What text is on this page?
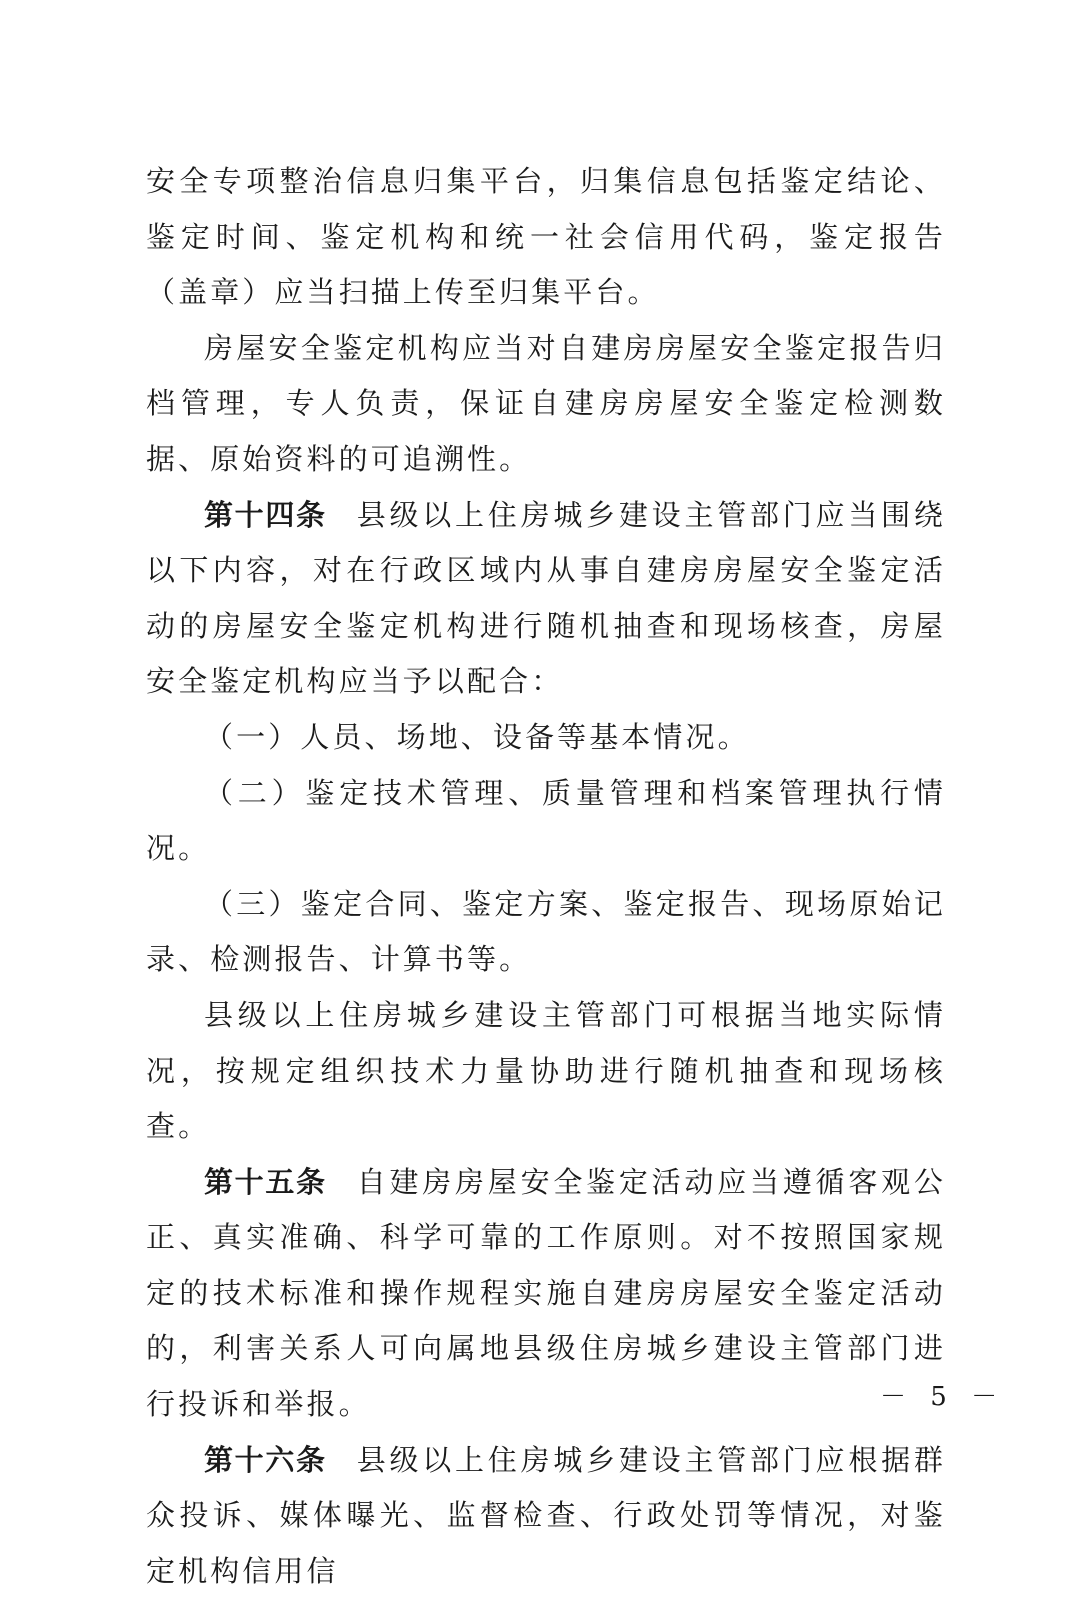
安全专项整治信息归集平台，归集信息包括鉴定结论、鉴定时间、鉴定机构和统一社会信用代码，鉴定报告（盖章）应当扫描上传至归集平台。

房屋安全鉴定机构应当对自建房房屋安全鉴定报告归档管理，专人负责，保证自建房房屋安全鉴定检测数据、原始资料的可追溯性。

第十四条 县级以上住房城乡建设主管部门应当围绕以下内容，对在行政区域内从事自建房房屋安全鉴定活动的房屋安全鉴定机构进行随机抽查和现场核查，房屋安全鉴定机构应当予以配合：

（一）人员、场地、设备等基本情况。

（二）鉴定技术管理、质量管理和档案管理执行情况。

（三）鉴定合同、鉴定方案、鉴定报告、现场原始记录、检测报告、计算书等。

县级以上住房城乡建设主管部门可根据当地实际情况，按规定组织技术力量协助进行随机抽查和现场核查。

第十五条 自建房房屋安全鉴定活动应当遵循客观公正、真实准确、科学可靠的工作原则。对不按照国家规定的技术标准和操作规程实施自建房房屋安全鉴定活动的，利害关系人可向属地县级住房城乡建设主管部门进行投诉和举报。

第十六条 县级以上住房城乡建设主管部门应根据群众投诉、媒体曝光、监督检查、行政处罚等情况，对鉴定机构信用信

－ 5 －
